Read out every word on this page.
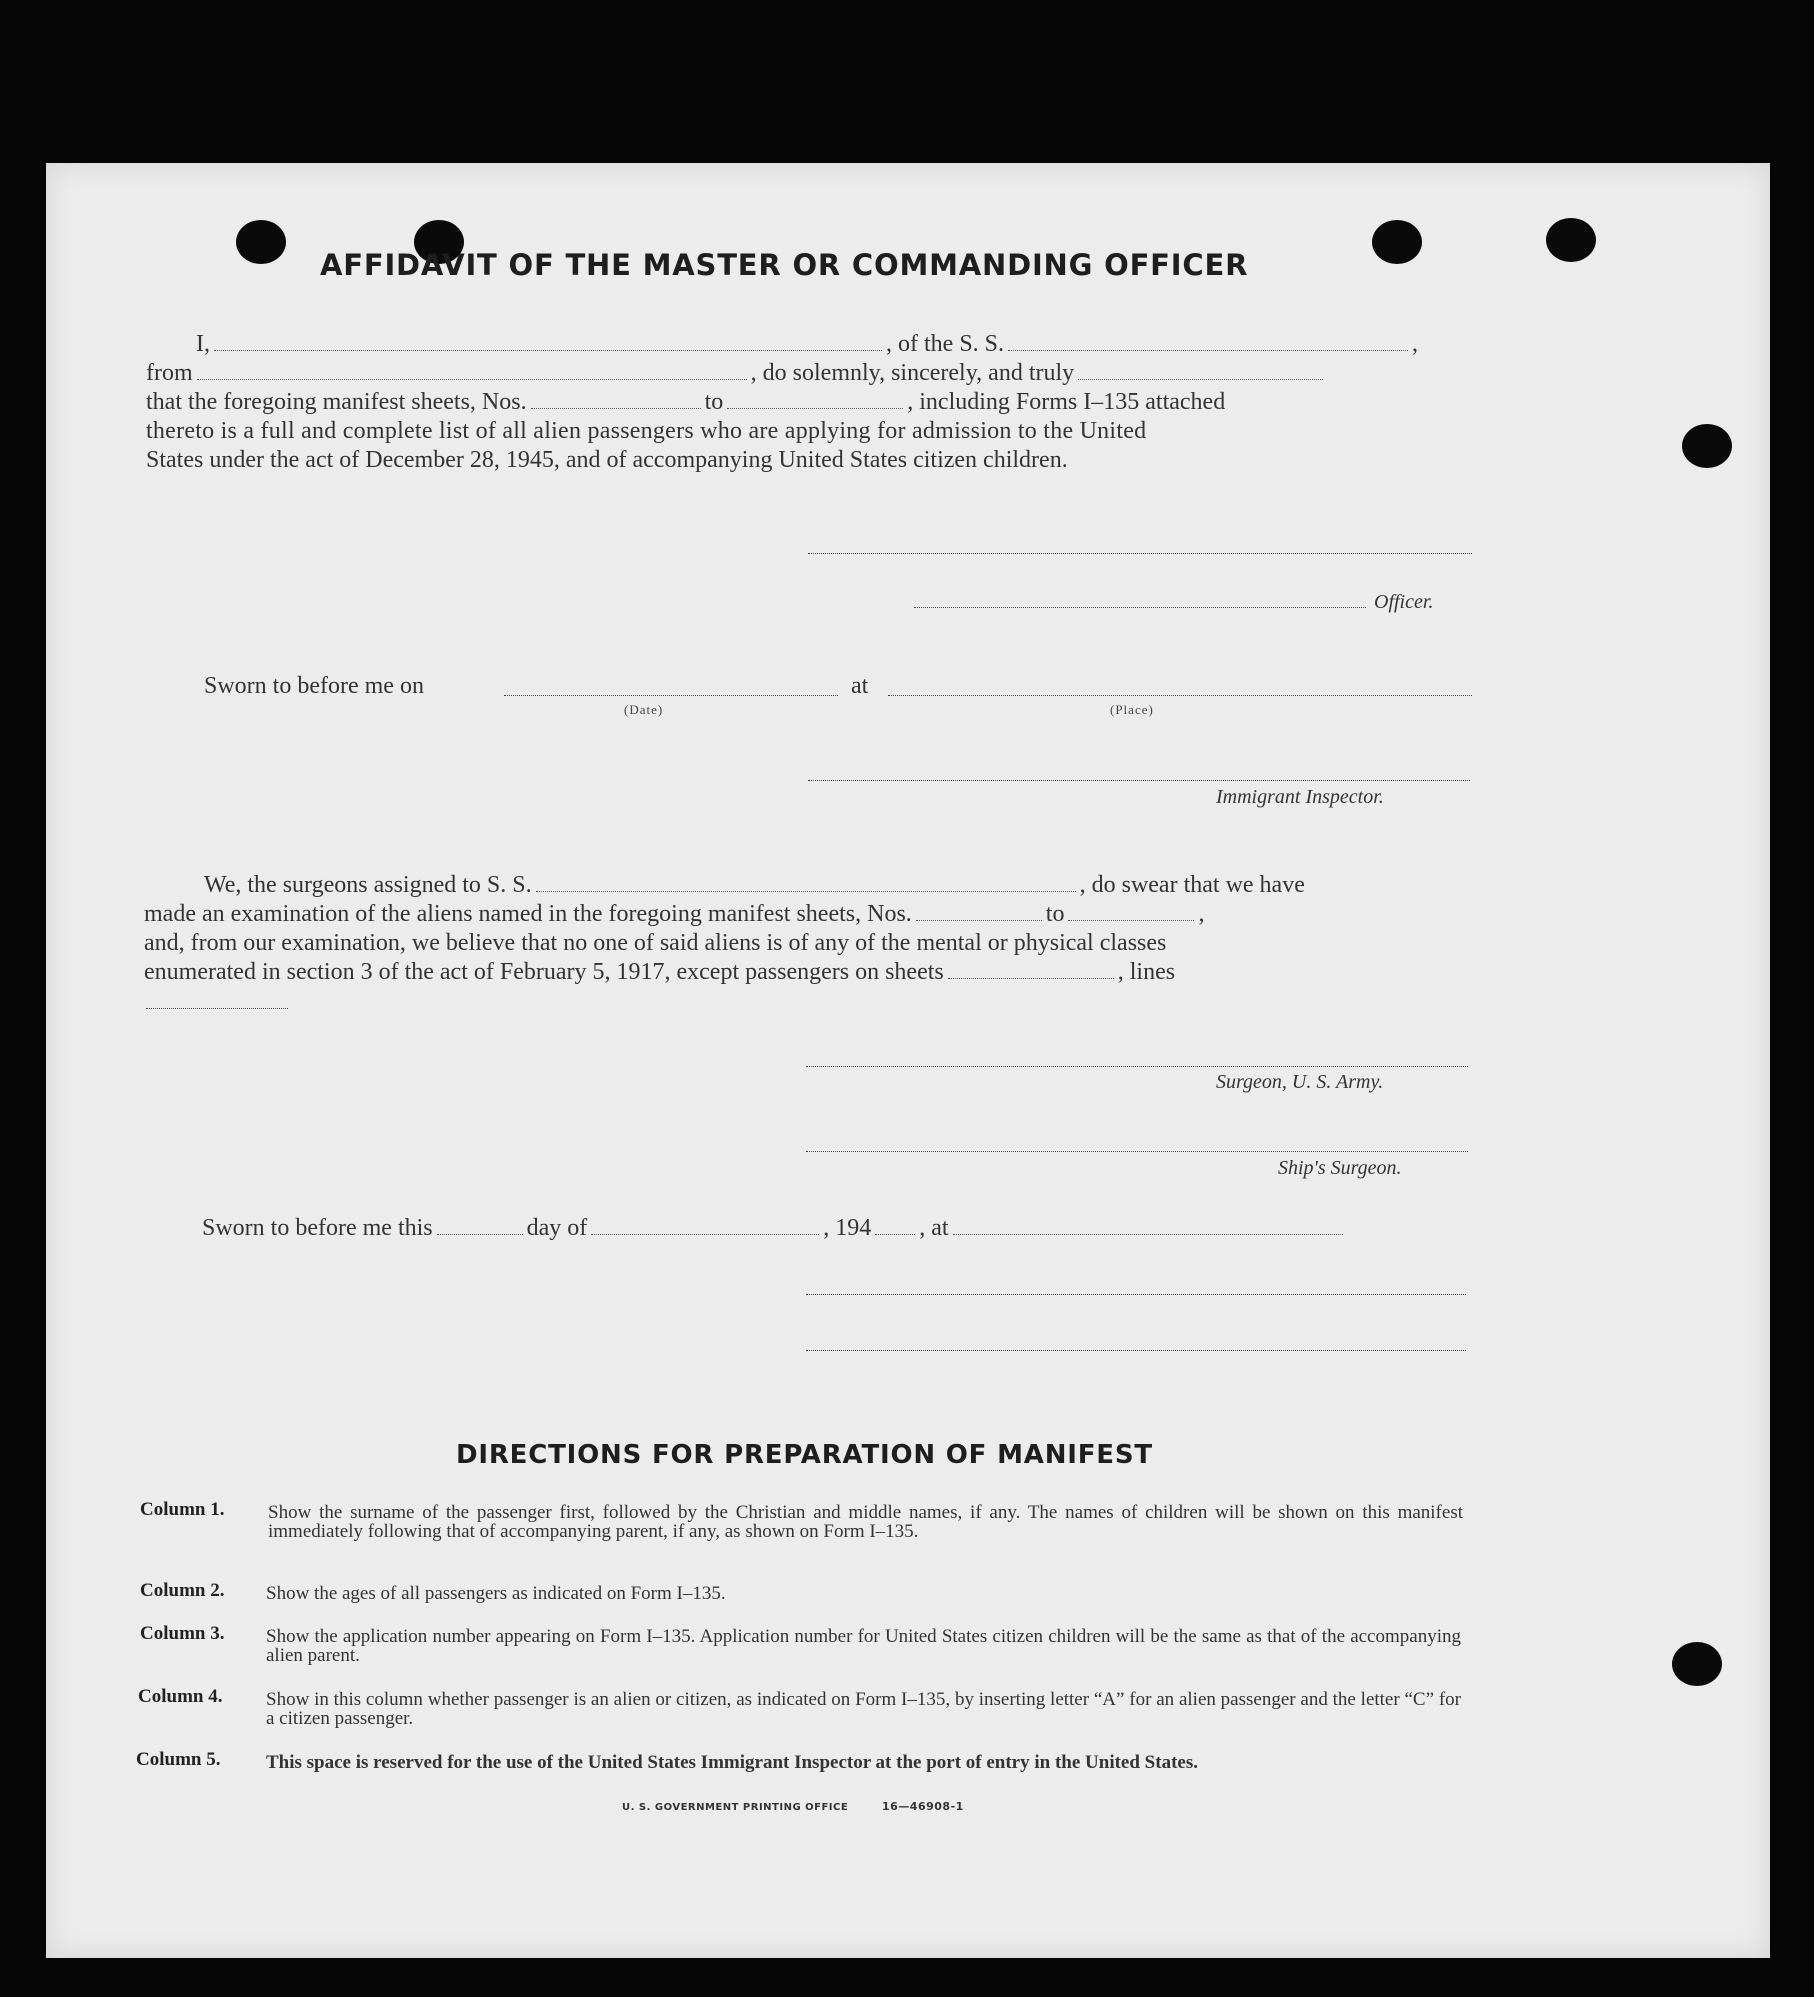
AFFIDAVIT OF THE MASTER OR COMMANDING OFFICER
I,	, of the S. S.	,
from	, do solemnly, sincerely, and truly
that the foregoing manifest sheets, Nos.	to	, including Forms I–135 attached
thereto is a full and complete list of all alien passengers who are applying for admission to the United
States under the act of December 28, 1945, and of accompanying United States citizen children.
Officer.
Sworn to before me on	at
(Date)	(Place)
Immigrant Inspector.
We, the surgeons assigned to S. S.	, do swear that we have
made an examination of the aliens named in the foregoing manifest sheets, Nos.	to	,
and, from our examination, we believe that no one of said aliens is of any of the mental or physical classes
enumerated in section 3 of the act of February 5, 1917, except passengers on sheets	, lines
Surgeon, U. S. Army.
Ship's Surgeon.
Sworn to before me this	day of	, 194 , at
DIRECTIONS FOR PREPARATION OF MANIFEST
Column 1. Show the surname of the passenger first, followed by the Christian and middle names, if any. The names of children will be shown on this manifest immediately following that of accompanying parent, if any, as shown on Form I–135.
Column 2. Show the ages of all passengers as indicated on Form I–135.
Column 3. Show the application number appearing on Form I–135. Application number for United States citizen children will be the same as that of the accompanying alien parent.
Column 4. Show in this column whether passenger is an alien or citizen, as indicated on Form I–135, by inserting letter “A” for an alien passenger and the letter “C” for a citizen passenger.
Column 5. This space is reserved for the use of the United States Immigrant Inspector at the port of entry in the United States.
U. S. GOVERNMENT PRINTING OFFICE	16—46908-1
